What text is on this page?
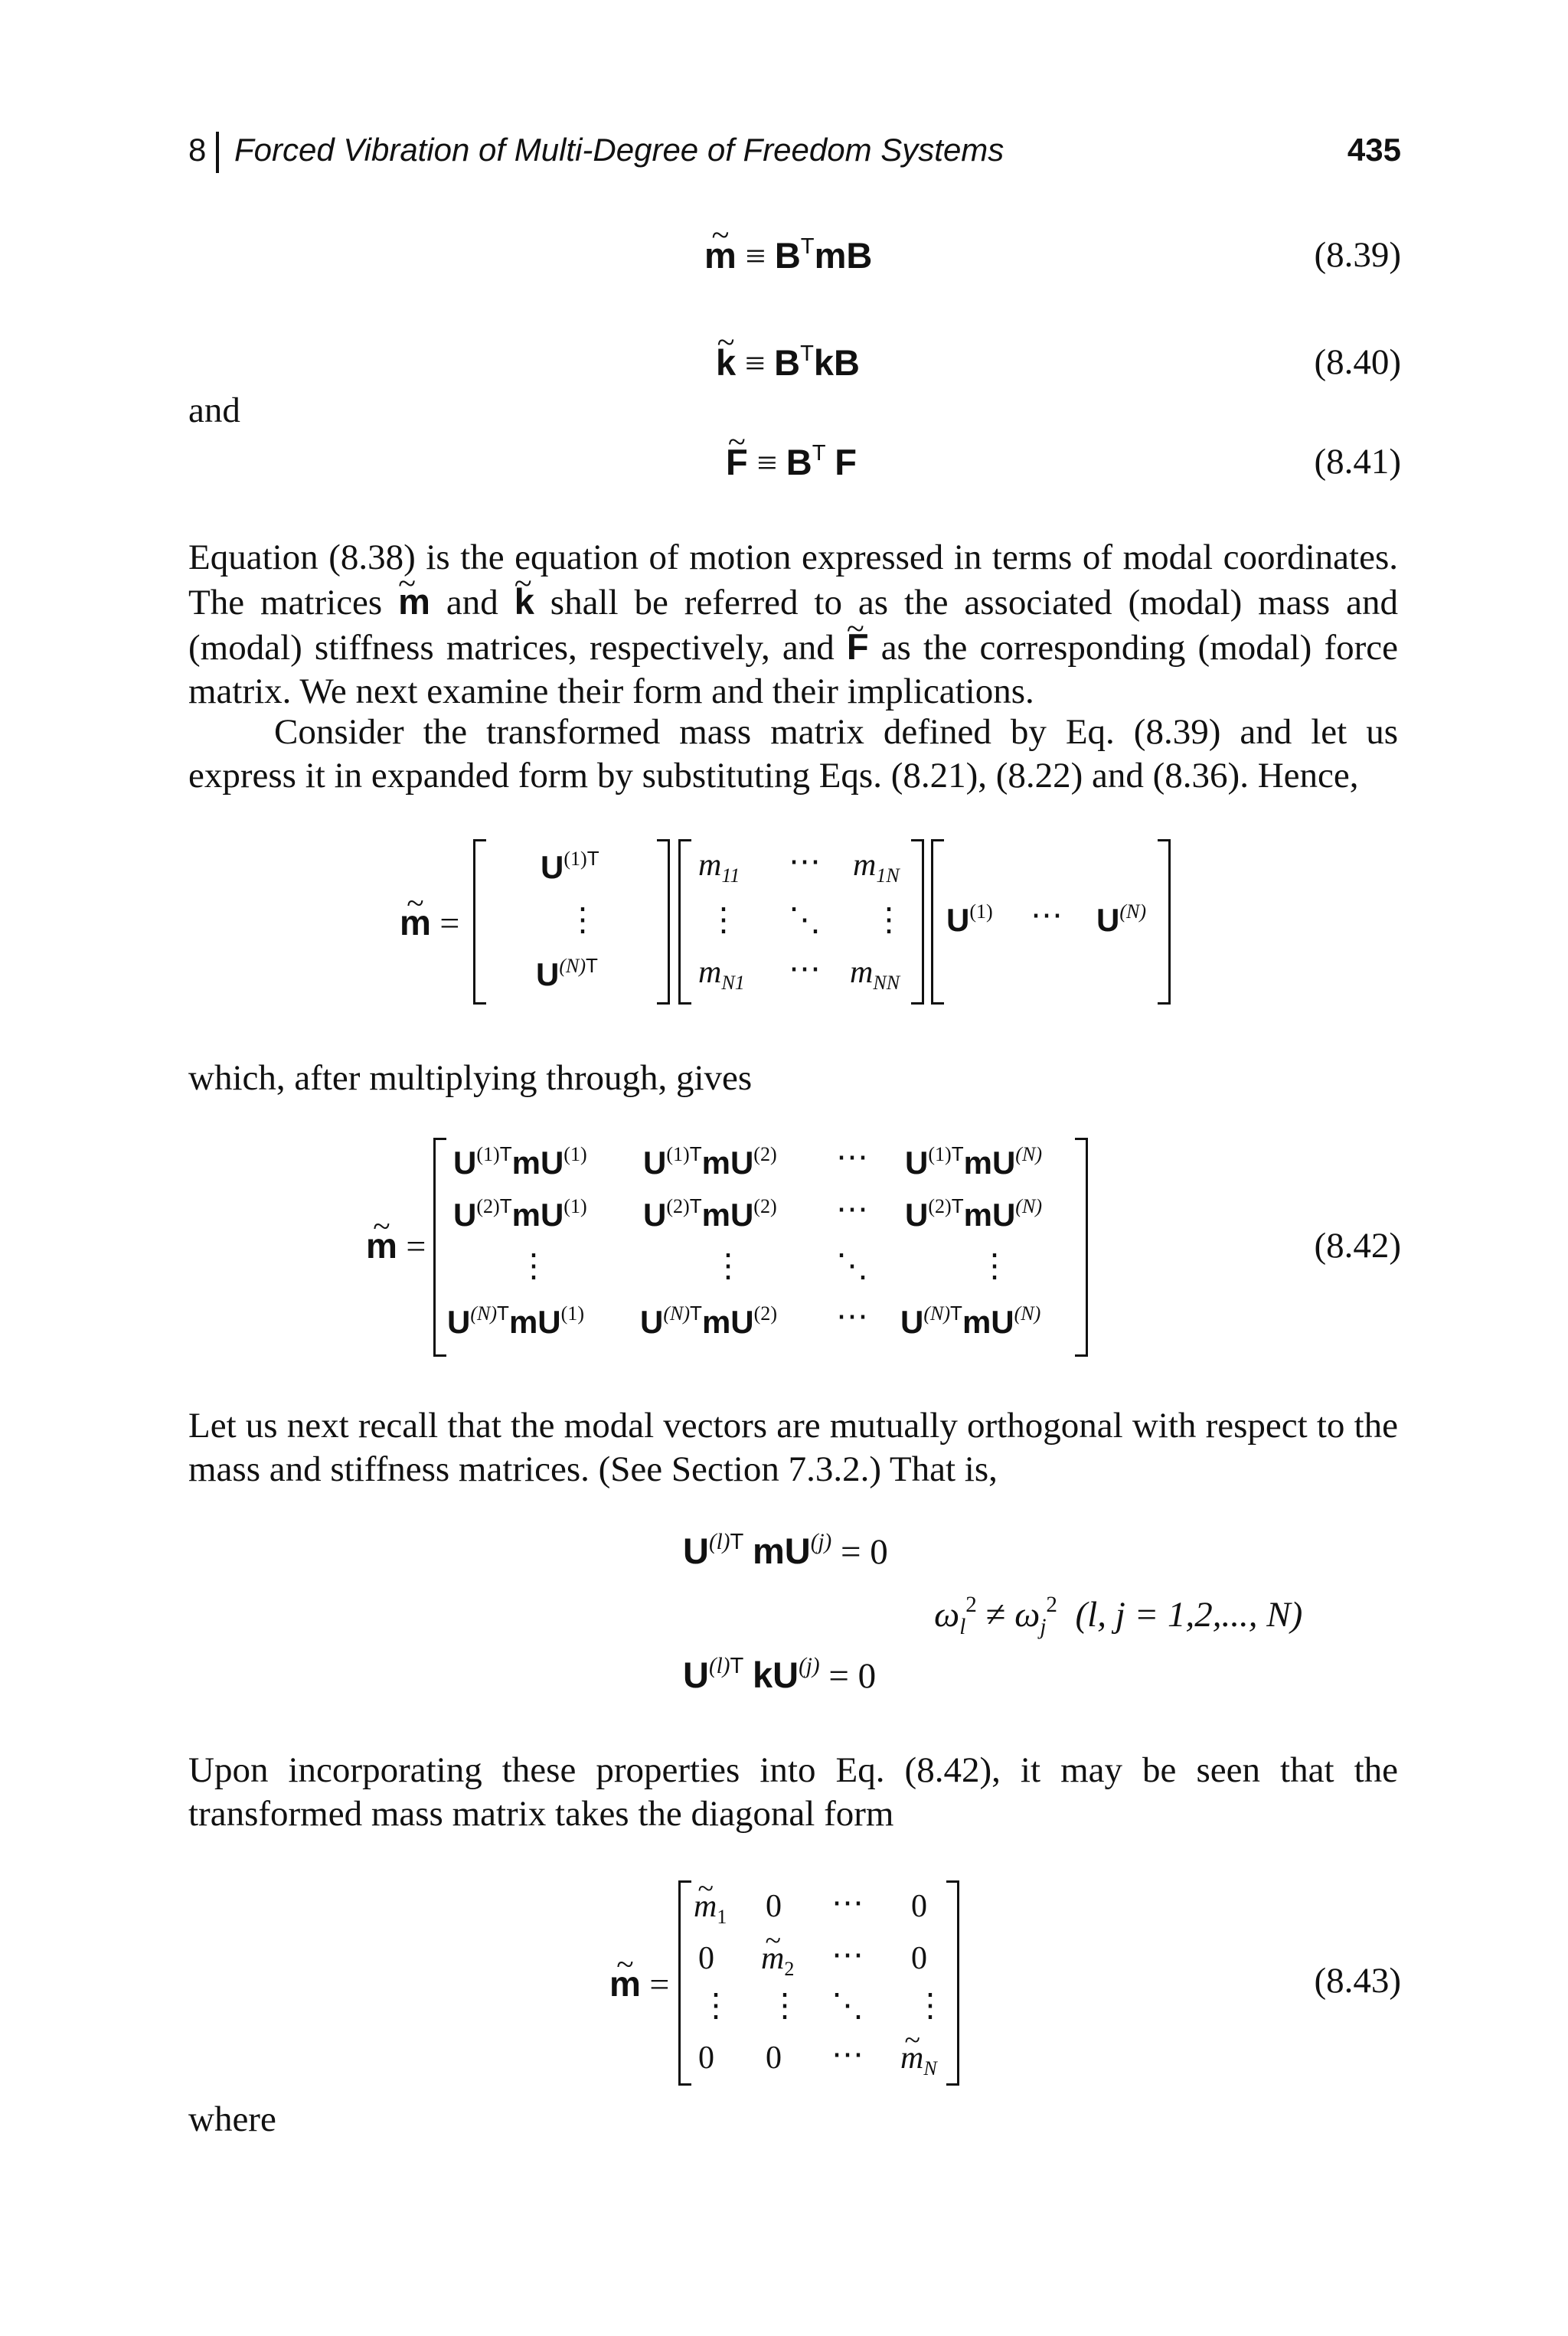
8 Forced Vibration of Multi-Degree of Freedom Systems	435
~ $m \equiv B^TmB$	(8.39)
~ $k \equiv B^TkB$	(8.40)
and
~ $F \equiv B^T$ F	(8.41)
Equation (8.38) is the equation of motion expressed in terms of modal coordinates. The matrices ~ m and ~ k shall be referred to as the associated (modal) mass and (modal) stiffness matrices, respectively, and ~ F as the corresponding (modal) force matrix. We next examine their form and their implications.
Consider the transformed mass matrix defined by Eq. (8.39) and let us express it in expanded form by substituting Eqs. (8.21), (8.22) and (8.36). Hence,
~ m =
$U^{(1)T}$
⋮
$U^{(N)T}$
$m_{11}$ ⋯ $m_{1N}$
⋮ ⋱ ⋮
$m_{N1}$ ⋯ $m_{NN}$
$U^{(1)}$ ⋯ $U^{(N)}$
which, after multiplying through, gives
~ m =
$U^{(1)T}mU^{(1)}$ $U^{(1)T}mU^{(2)}$ ⋯ $U^{(1)T}mU^{(N)}$
$U^{(2)T}mU^{(1)}$ $U^{(2)T}mU^{(2)}$ ⋯ $U^{(2)T}mU^{(N)}$
⋮	⋮	⋱	⋮
$U^{(N)T}mU^{(1)}$ $U^{(N)T}mU^{(2)}$ ⋯ $U^{(N)T}mU^{(N)}$
(8.42)
Let us next recall that the modal vectors are mutually orthogonal with respect to the mass and stiffness matrices. (See Section 7.3.2.) That is,
$U^{(l)T}$ $mU^{(j)} = 0$
$\omega_l^2 \ne \omega_j^2$ (l, j = 1,2,..., N)
$U^{(l)T}$ $kU^{(j)} = 0$
Upon incorporating these properties into Eq. (8.42), it may be seen that the transformed mass matrix takes the diagonal form
~ m =
~ $m_1$ 0 ⋯ 0
0 ~ $m_2$ ⋯ 0
⋮ ⋮ ⋱ ⋮
0 0 ⋯ ~ $m_N$
(8.43)
where
